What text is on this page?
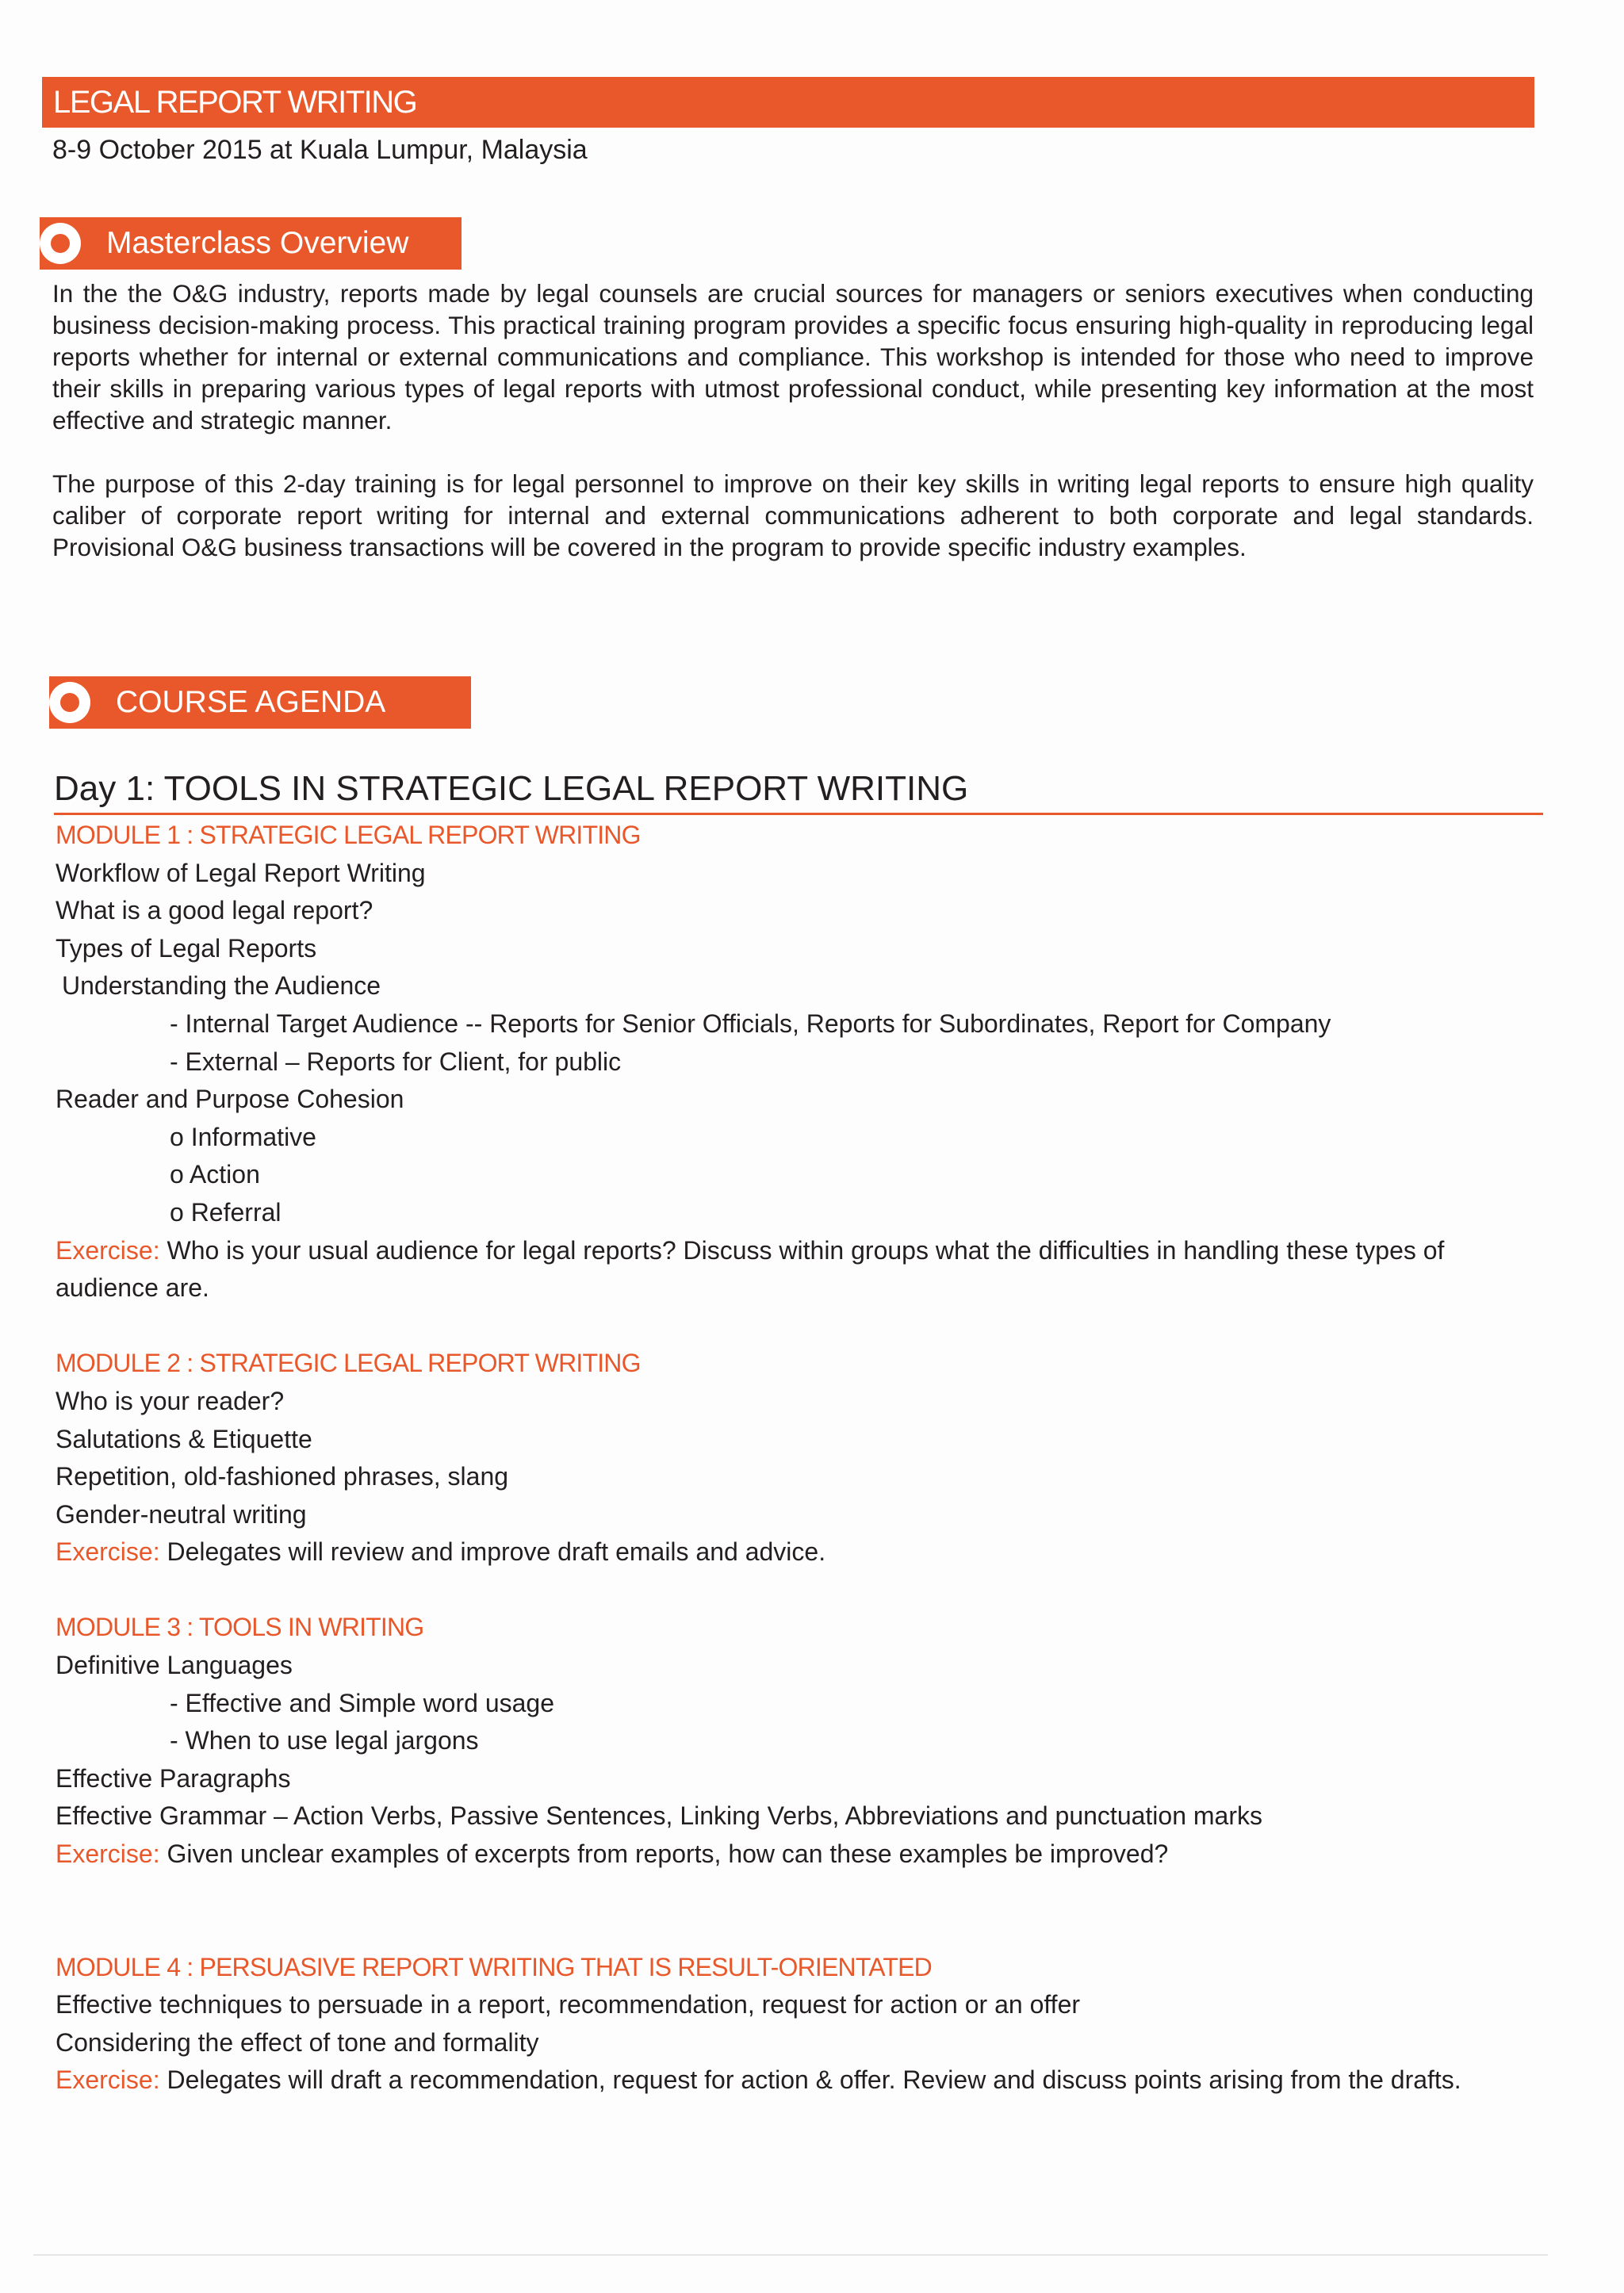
LEGAL REPORT WRITING
8-9 October 2015 at Kuala Lumpur, Malaysia
Masterclass Overview

In the the O&G industry, reports made by legal counsels are crucial sources for managers or seniors executives when conducting business decision-making process. This practical training program provides a specific focus ensuring high-quality in reproducing legal reports whether for internal or external communications and compliance. This workshop is intended for those who need to improve their skills in preparing various types of legal reports with utmost professional conduct, while presenting key information at the most effective and strategic manner.

The purpose of this 2-day training is for legal personnel to improve on their key skills in writing legal reports to ensure high quality caliber of corporate report writing for internal and external communications adherent to both corporate and legal standards. Provisional O&G business transactions will be covered in the program to provide specific industry examples.

COURSE AGENDA
Day 1: TOOLS IN STRATEGIC LEGAL REPORT WRITING
MODULE 1 : STRATEGIC LEGAL REPORT WRITING
Workflow of Legal Report Writing
What is a good legal report?
Types of Legal Reports
Understanding the Audience
- Internal Target Audience -- Reports for Senior Officials, Reports for Subordinates, Report for Company
- External – Reports for Client, for public
Reader and Purpose Cohesion
o Informative
o Action
o Referral
Exercise: Who is your usual audience for legal reports? Discuss within groups what the difficulties in handling these types of audience are.
MODULE 2 : STRATEGIC LEGAL REPORT WRITING
Who is your reader?
Salutations & Etiquette
Repetition, old-fashioned phrases, slang
Gender-neutral writing
Exercise: Delegates will review and improve draft emails and advice.
MODULE 3 : TOOLS IN WRITING
Definitive Languages
- Effective and Simple word usage
- When to use legal jargons
Effective Paragraphs
Effective Grammar – Action Verbs, Passive Sentences, Linking Verbs, Abbreviations and punctuation marks
Exercise: Given unclear examples of excerpts from reports, how can these examples be improved?
MODULE 4 : PERSUASIVE REPORT WRITING THAT IS RESULT-ORIENTATED
Effective techniques to persuade in a report, recommendation, request for action or an offer
Considering the effect of tone and formality
Exercise: Delegates will draft a recommendation, request for action & offer. Review and discuss points arising from the drafts.
